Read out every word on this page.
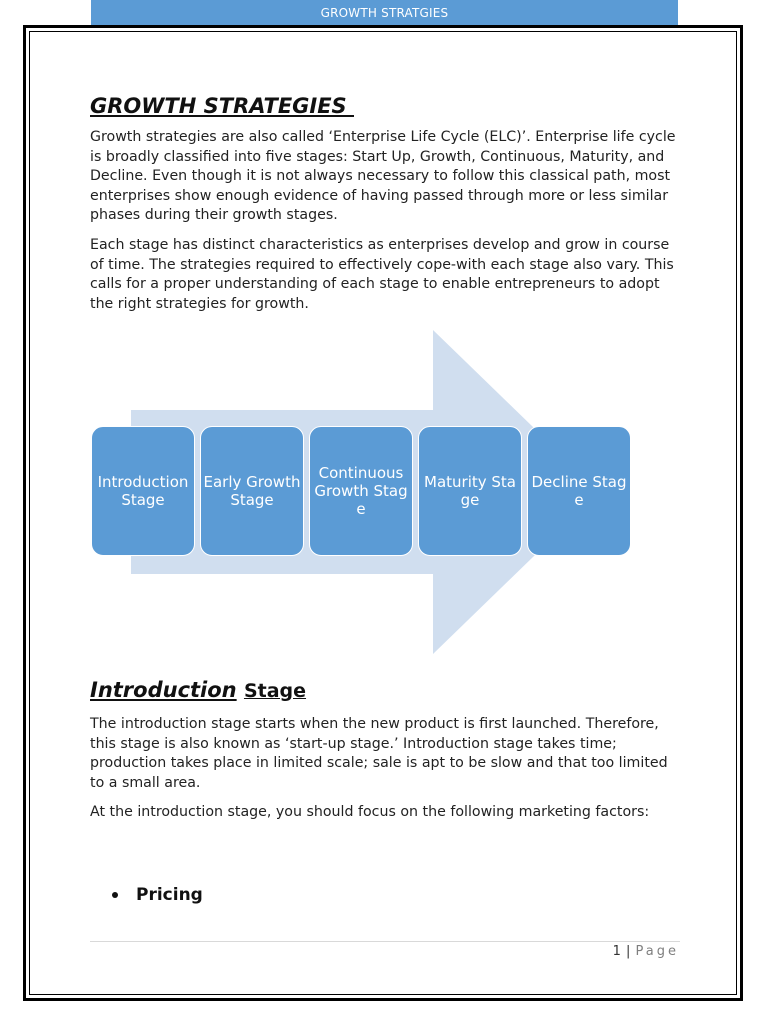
GROWTH STRATGIES
GROWTH STRATEGIES

Growth strategies are also called ‘Enterprise Life Cycle (ELC)’. Enterprise life cycle is broadly classified into five stages: Start Up, Growth, Continuous, Maturity, and Decline. Even though it is not always necessary to follow this classical path, most enterprises show enough evidence of having passed through more or less similar phases during their growth stages.

Each stage has distinct characteristics as enterprises develop and grow in course of time. The strategies required to effectively cope-with each stage also vary. This calls for a proper understanding of each stage to enable entrepreneurs to adopt the right strategies for growth.

Introduction Stage
Early Growth Stage
Continuous Growth Stage
Maturity Stage
Decline Stage
Introduction Stage

The introduction stage starts when the new product is first launched. Therefore, this stage is also known as ‘start-up stage.’ Introduction stage takes time; production takes place in limited scale; sale is apt to be slow and that too limited to a small area.

At the introduction stage, you should focus on the following marketing factors:

Pricing
1 | Page
